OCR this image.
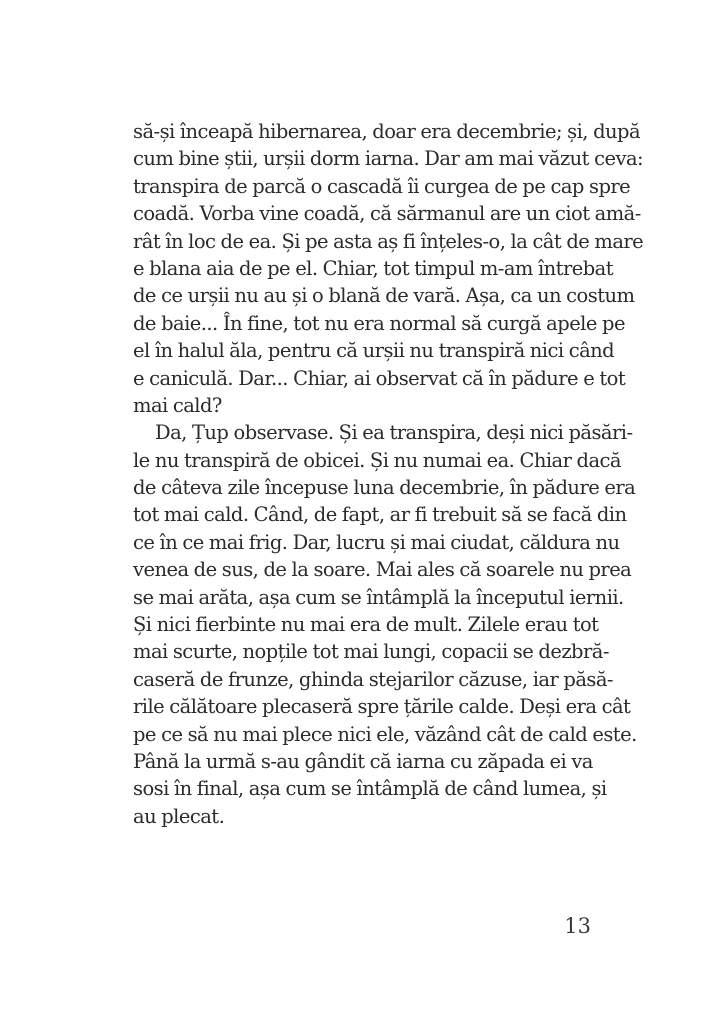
să-și înceapă hibernarea, doar era decembrie; și, după
cum bine știi, urșii dorm iarna. Dar am mai văzut ceva:
transpira de parcă o cascadă îi curgea de pe cap spre
coadă. Vorba vine coadă, că sărmanul are un ciot amă-
rât în loc de ea. Și pe asta aș fi înțeles-o, la cât de mare
e blana aia de pe el. Chiar, tot timpul m-am întrebat
de ce urșii nu au și o blană de vară. Așa, ca un costum
de baie... În fine, tot nu era normal să curgă apele pe
el în halul ăla, pentru că urșii nu transpiră nici când
e caniculă. Dar... Chiar, ai observat că în pădure e tot
mai cald?
Da, Țup observase. Și ea transpira, deși nici păsări-
le nu transpiră de obicei. Și nu numai ea. Chiar dacă
de câteva zile începuse luna decembrie, în pădure era
tot mai cald. Când, de fapt, ar fi trebuit să se facă din
ce în ce mai frig. Dar, lucru și mai ciudat, căldura nu
venea de sus, de la soare. Mai ales că soarele nu prea
se mai arăta, așa cum se întâmplă la începutul iernii.
Și nici fierbinte nu mai era de mult. Zilele erau tot
mai scurte, nopțile tot mai lungi, copacii se dezbră-
caseră de frunze, ghinda stejarilor căzuse, iar păsă-
rile călătoare plecaseră spre țările calde. Deși era cât
pe ce să nu mai plece nici ele, văzând cât de cald este.
Până la urmă s-au gândit că iarna cu zăpada ei va
sosi în final, așa cum se întâmplă de când lumea, și
au plecat.
13
